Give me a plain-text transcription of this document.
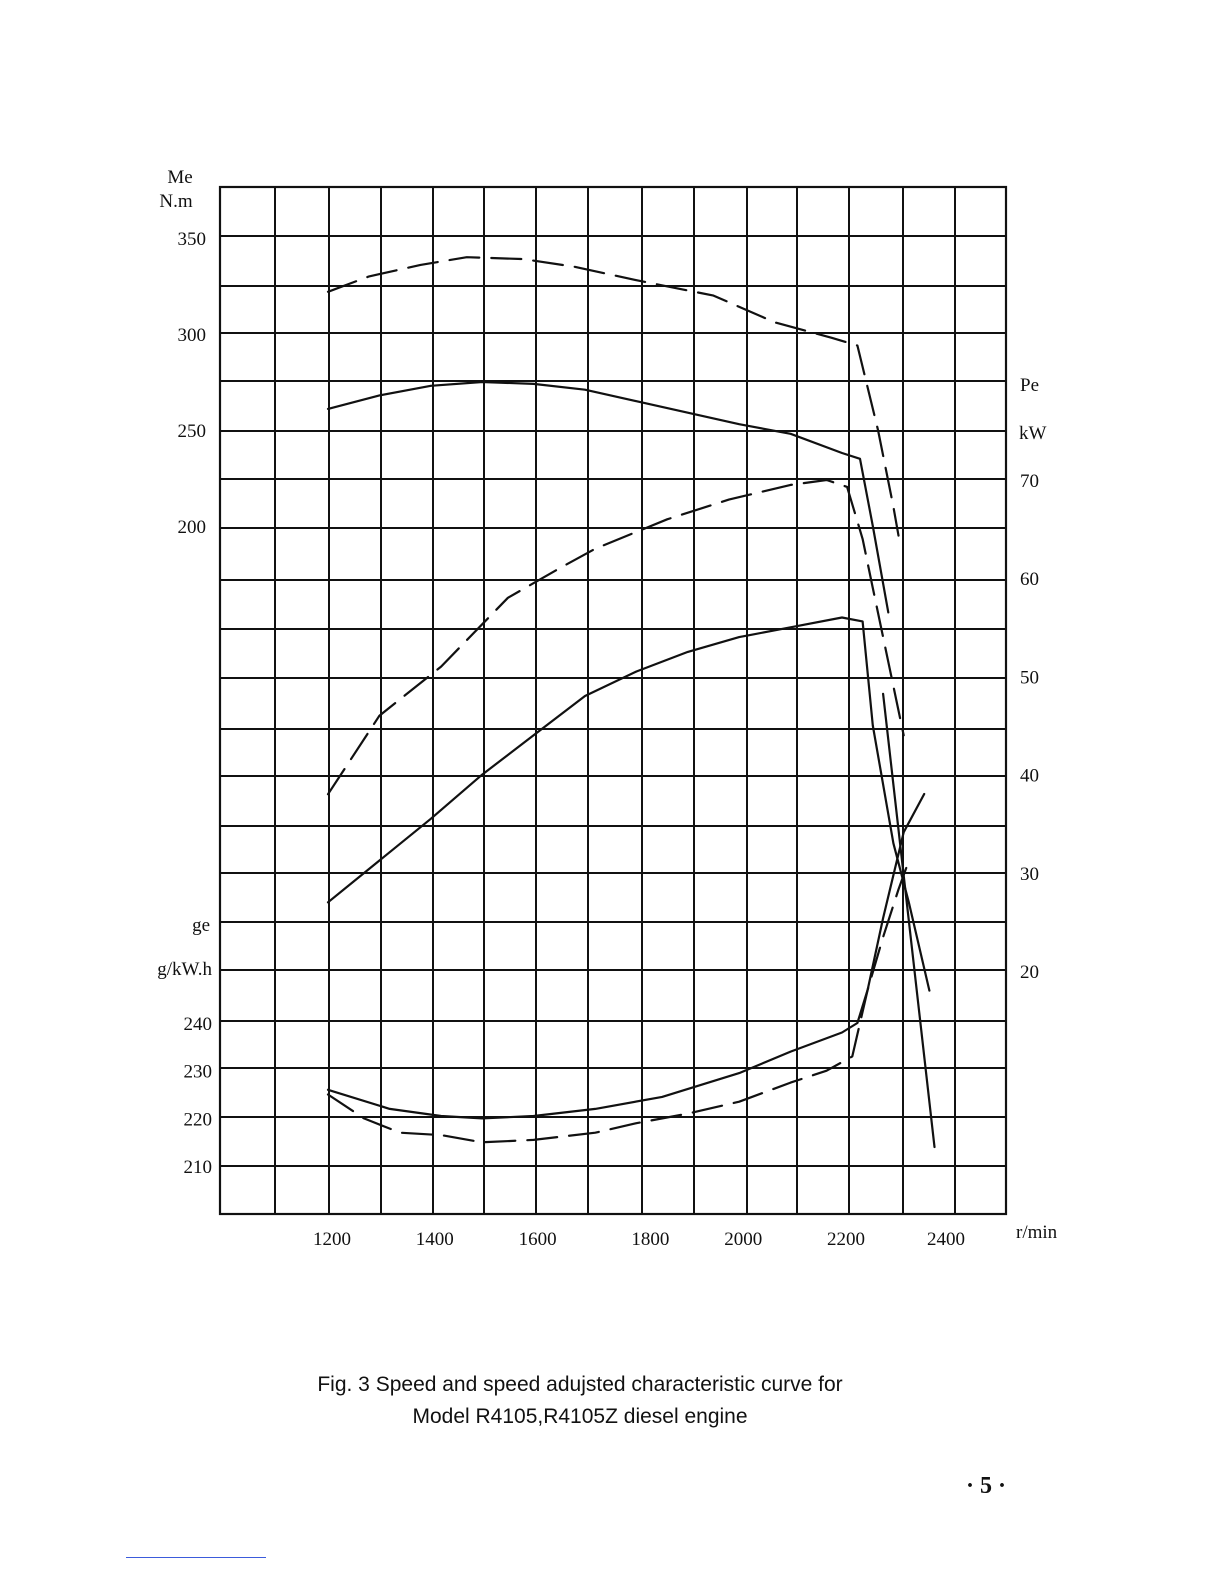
Me
N.m
350
300
250
200
Pe
kW
70
60
50
40
30
20
ge
g/kW.h
240
230
220
210
1200	1400	1600	1800	2000	2200	2400	r/min
Fig. 3 Speed and speed adujsted characteristic curve for
Model R4105,R4105Z diesel engine
· 5 ·
